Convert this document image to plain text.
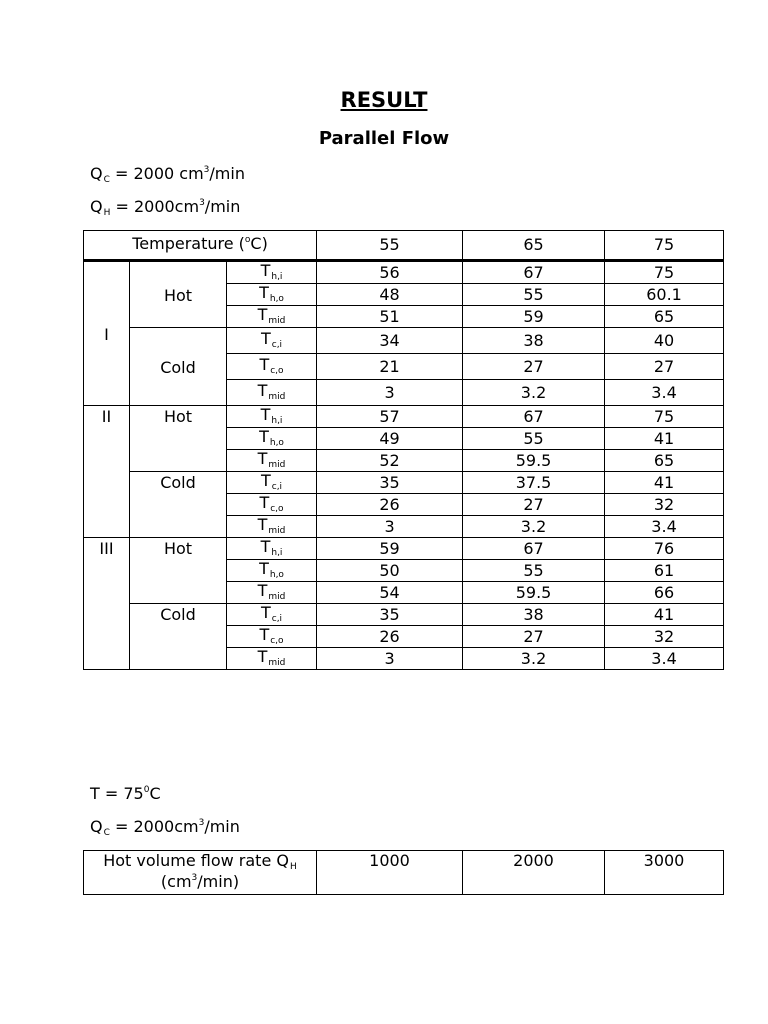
RESULT
Parallel Flow
$Q_C = 2000$ $cm^3/\min$
$Q_H = 2000cm^3/\min$
Temperature ($^o$C)			55	65	75
I	Hot	$T_{h,i}$	56	67	75
		$T_{h,o}$	48	55	60.1
		$T_{mid}$	51	59	65
	Cold	$T_{c,i}$	34	38	40
		$T_{c,o}$	21	27	27
		$T_{mid}$	3	3.2	3.4
II	Hot	$T_{h,i}$	57	67	75
		$T_{h,o}$	49	55	41
		$T_{mid}$	52	59.5	65
	Cold	$T_{c,i}$	35	37.5	41
		$T_{c,o}$	26	27	32
		$T_{mid}$	3	3.2	3.4
III	Hot	$T_{h,i}$	59	67	76
		$T_{h,o}$	50	55	61
		$T_{mid}$	54	59.5	66
	Cold	$T_{c,i}$	35	38	41
		$T_{c,o}$	26	27	32
		$T_{mid}$	3	3.2	3.4
$T = 75^0C$
$Q_C = 2000cm^3/\min$
Hot volume flow rate $Q_H$
$(cm^3/\min)$	1000	2000	3000
